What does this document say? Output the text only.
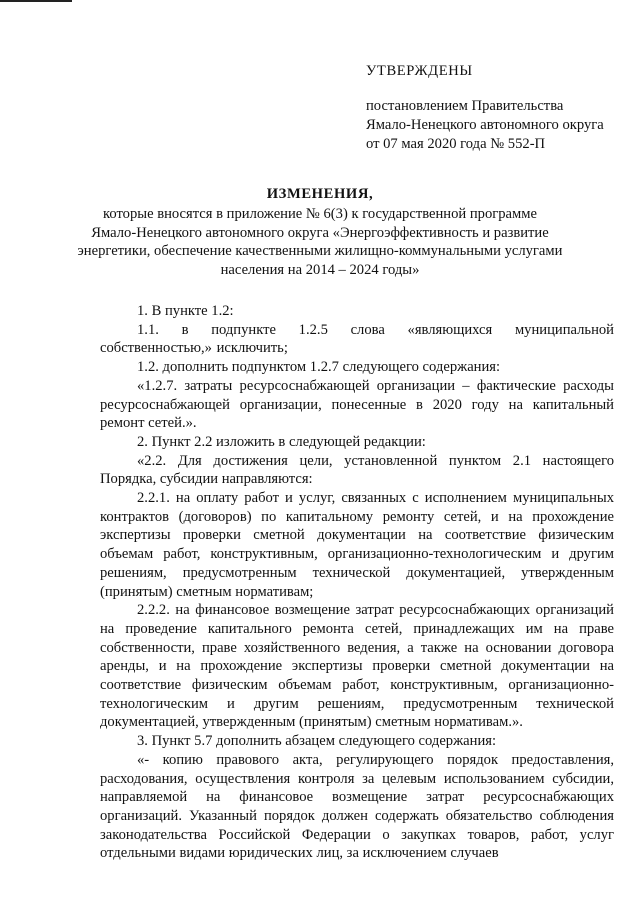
УТВЕРЖДЕНЫ
постановлением Правительства
Ямало-Ненецкого автономного округа
от 07 мая 2020 года № 552-П
ИЗМЕНЕНИЯ,
которые вносятся в приложение № 6(3) к государственной программе
Ямало-Ненецкого автономного округа «Энергоэффективность и развитие
энергетики, обеспечение качественными жилищно-коммунальными услугами
населения на 2014 – 2024 годы»

1. В пункте 1.2:

1.1. в подпункте 1.2.5 слова «являющихся муниципальной собственностью,» исключить;

1.2. дополнить подпунктом 1.2.7 следующего содержания:

«1.2.7. затраты ресурсоснабжающей организации – фактические расходы ресурсоснабжающей организации, понесенные в 2020 году на капитальный ремонт сетей.».

2. Пункт 2.2 изложить в следующей редакции:

«2.2. Для достижения цели, установленной пунктом 2.1 настоящего Порядка, субсидии направляются:

2.2.1. на оплату работ и услуг, связанных с исполнением муниципальных контрактов (договоров) по капитальному ремонту сетей, и на прохождение экспертизы проверки сметной документации на соответствие физическим объемам работ, конструктивным, организационно-технологическим и другим решениям, предусмотренным технической документацией, утвержденным (принятым) сметным нормативам;

2.2.2. на финансовое возмещение затрат ресурсоснабжающих организаций на проведение капитального ремонта сетей, принадлежащих им на праве собственности, праве хозяйственного ведения, а также на основании договора аренды, и на прохождение экспертизы проверки сметной документации на соответствие физическим объемам работ, конструктивным, организационно-технологическим и другим решениям, предусмотренным технической документацией, утвержденным (принятым) сметным нормативам.».

3. Пункт 5.7 дополнить абзацем следующего содержания:

«- копию правового акта, регулирующего порядок предоставления, расходования, осуществления контроля за целевым использованием субсидии, направляемой на финансовое возмещение затрат ресурсоснабжающих организаций. Указанный порядок должен содержать обязательство соблюдения законодательства Российской Федерации о закупках товаров, работ, услуг отдельными видами юридических лиц, за исключением случаев
